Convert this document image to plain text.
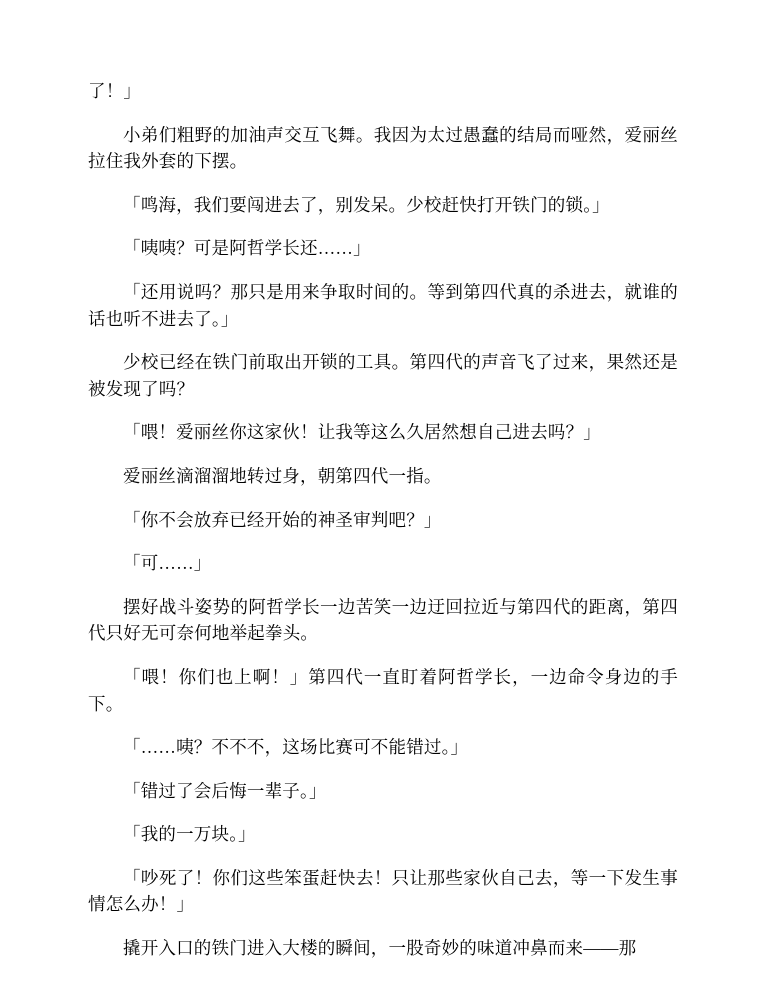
了！」

小弟们粗野的加油声交互飞舞。我因为太过愚蠢的结局而哑然，爱丽丝拉住我外套的下摆。

「鸣海，我们要闯进去了，别发呆。少校赶快打开铁门的锁。」

「咦咦？可是阿哲学长还……」

「还用说吗？那只是用来争取时间的。等到第四代真的杀进去，就谁的话也听不进去了。」

少校已经在铁门前取出开锁的工具。第四代的声音飞了过来，果然还是被发现了吗？

「喂！爱丽丝你这家伙！让我等这么久居然想自己进去吗？」

爱丽丝滴溜溜地转过身，朝第四代一指。

「你不会放弃已经开始的神圣审判吧？」

「可……」

摆好战斗姿势的阿哲学长一边苦笑一边迂回拉近与第四代的距离，第四代只好无可奈何地举起拳头。

「喂！你们也上啊！」第四代一直盯着阿哲学长，一边命令身边的手下。

「……咦？不不不，这场比赛可不能错过。」

「错过了会后悔一辈子。」

「我的一万块。」

「吵死了！你们这些笨蛋赶快去！只让那些家伙自己去，等一下发生事情怎么办！」

撬开入口的铁门进入大楼的瞬间，一股奇妙的味道冲鼻而来——那
